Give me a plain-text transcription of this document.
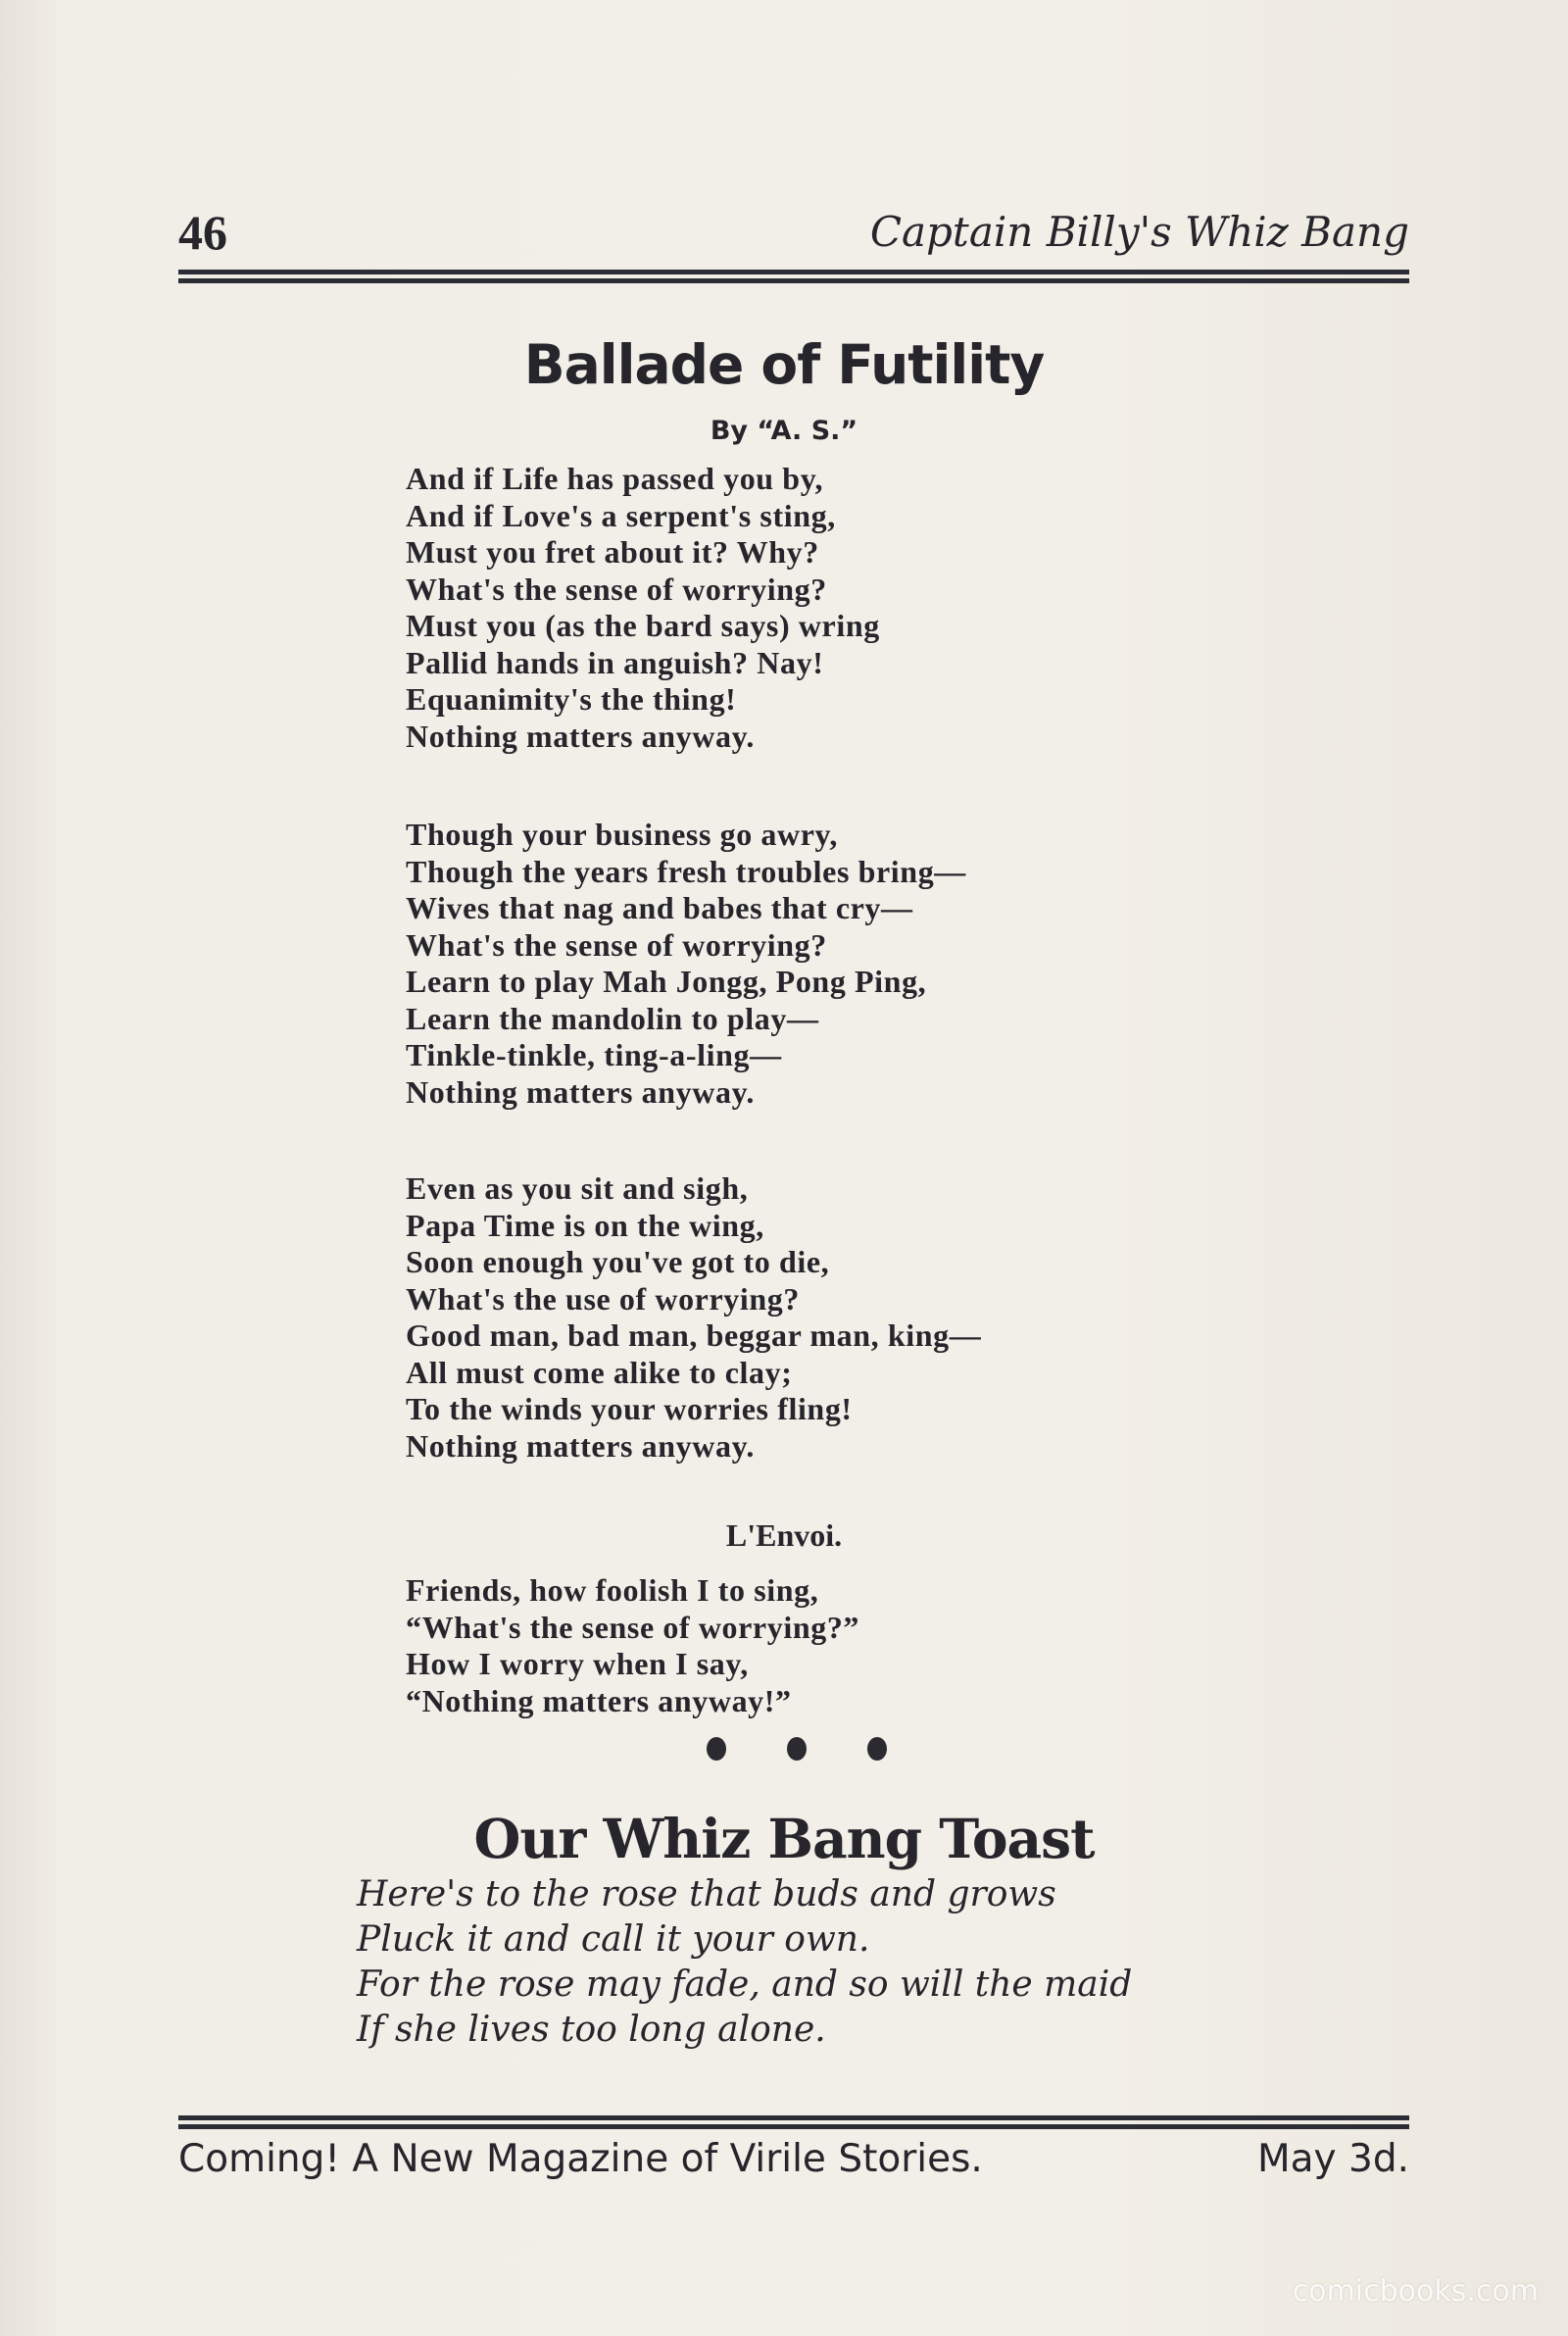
46	Captain Billy's Whiz Bang
Ballade of Futility
By “A. S.”
And if Life has passed you by,
And if Love's a serpent's sting,
Must you fret about it? Why?
What's the sense of worrying?
Must you (as the bard says) wring
Pallid hands in anguish? Nay!
Equanimity's the thing!
Nothing matters anyway.
Though your business go awry,
Though the years fresh troubles bring—
Wives that nag and babes that cry—
What's the sense of worrying?
Learn to play Mah Jongg, Pong Ping,
Learn the mandolin to play—
Tinkle-tinkle, ting-a-ling—
Nothing matters anyway.
Even as you sit and sigh,
Papa Time is on the wing,
Soon enough you've got to die,
What's the use of worrying?
Good man, bad man, beggar man, king—
All must come alike to clay;
To the winds your worries fling!
Nothing matters anyway.
L'Envoi.
Friends, how foolish I to sing,
“What's the sense of worrying?”
How I worry when I say,
“Nothing matters anyway!”
Our Whiz Bang Toast
Here's to the rose that buds and grows
Pluck it and call it your own.
For the rose may fade, and so will the maid
If she lives too long alone.
Coming! A New Magazine of Virile Stories.	May 3d.
comicbooks.com
